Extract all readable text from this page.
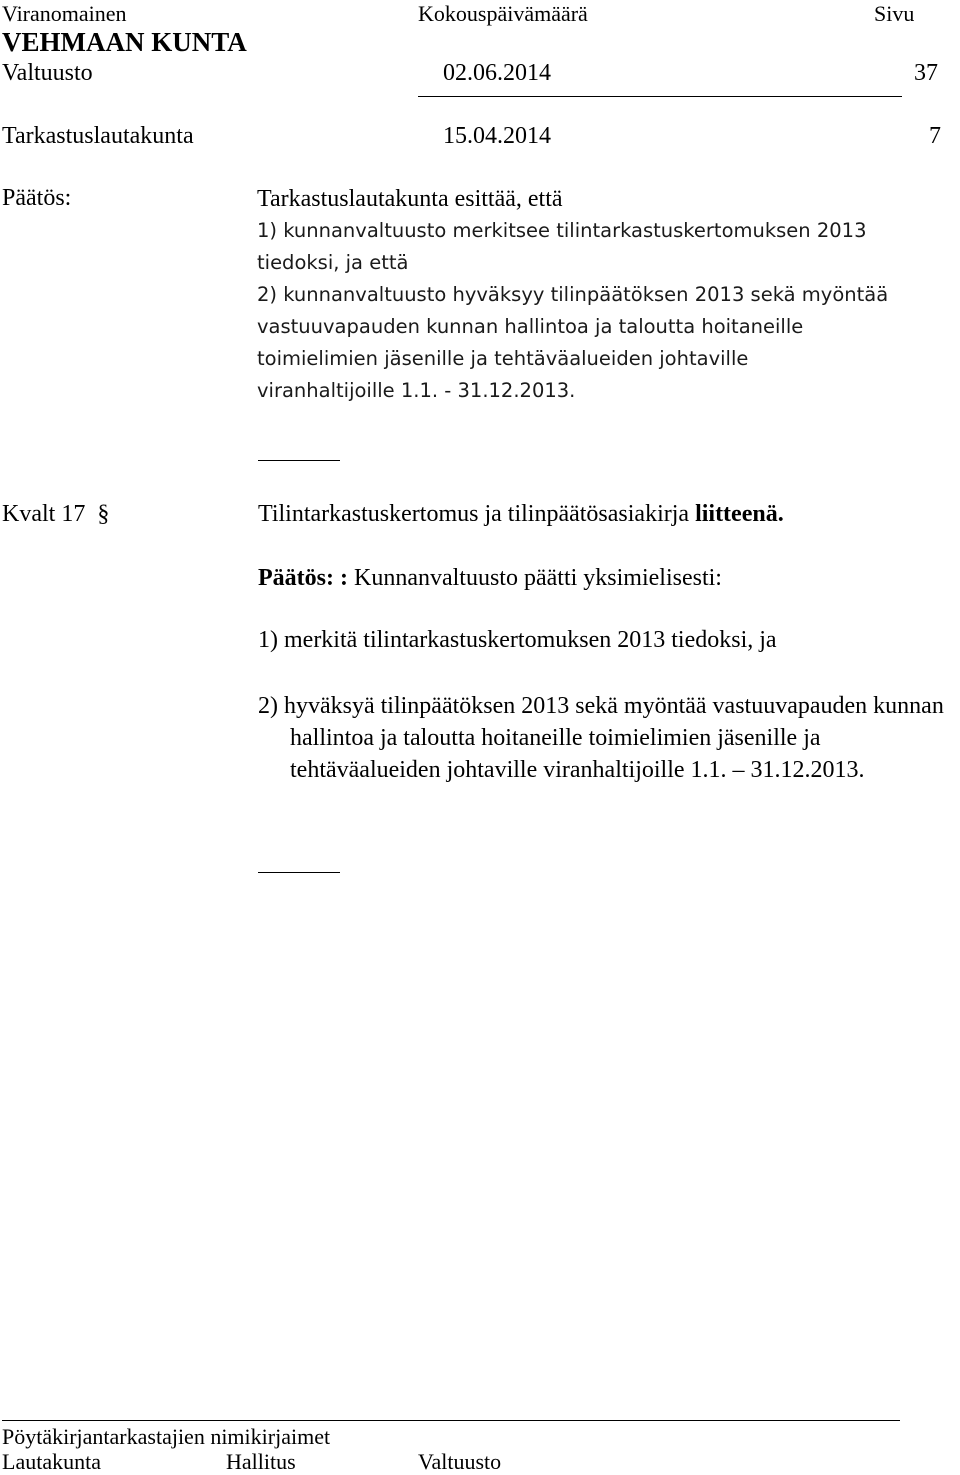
Viranomainen	Kokouspäivämäärä	Sivu
VEHMAAN KUNTA
Valtuusto	02.06.2014	37
Tarkastuslautakunta	15.04.2014	7
Päätös:	Tarkastuslautakunta esittää, että
1) kunnanvaltuusto merkitsee tilintarkastuskertomuksen 2013
tiedoksi, ja että
2) kunnanvaltuusto hyväksyy tilinpäätöksen 2013 sekä myöntää
vastuuvapauden kunnan hallintoa ja taloutta hoitaneille
toimielimien jäsenille ja tehtäväalueiden johtaville
viranhaltijoille 1.1. - 31.12.2013.
Kvalt 17 §	Tilintarkastuskertomus ja tilinpäätösasiakirja liitteenä.
Päätös: : Kunnanvaltuusto päätti yksimielisesti:
1) merkitä tilintarkastuskertomuksen 2013 tiedoksi, ja
2) hyväksyä tilinpäätöksen 2013 sekä myöntää vastuuvapauden kunnan hallintoa ja taloutta hoitaneille toimielimien jäsenille ja tehtäväalueiden johtaville viranhaltijoille 1.1. – 31.12.2013.
Pöytäkirjantarkastajien nimikirjaimet
Lautakunta	Hallitus	Valtuusto
